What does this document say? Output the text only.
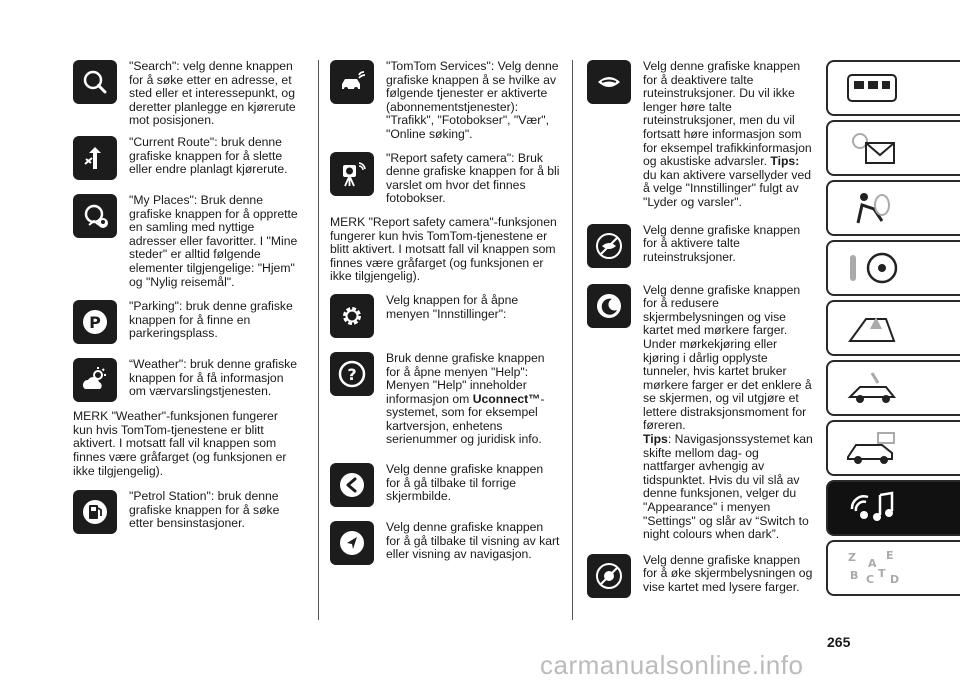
"Search": velg denne knappen for å søke etter en adresse, et sted eller et interessepunkt, og deretter planlegge en kjørerute mot posisjonen.
"Current Route": bruk denne grafiske knappen for å slette eller endre planlagt kjørerute.
"My Places": Bruk denne grafiske knappen for å opprette en samling med nyttige adresser eller favoritter. I "Mine steder" er alltid følgende elementer tilgjengelige: "Hjem" og "Nylig reisemål".
P
"Parking": bruk denne grafiske knappen for å finne en parkeringsplass.
“Weather": bruk denne grafiske knappen for å få informasjon om værvarslingstjenesten.
MERK "Weather"-funksjonen fungerer kun hvis TomTom-tjenestene er blitt aktivert. I motsatt fall vil knappen som finnes være gråfarget (og funksjonen er ikke tilgjengelig).
"Petrol Station": bruk denne grafiske knappen for å søke etter bensinstasjoner.
"TomTom Services": Velg denne grafiske knappen å se hvilke av følgende tjenester er aktiverte (abonnementstjenester): "Trafikk", "Fotobokser", "Vær", "Online søking".
"Report safety camera": Bruk denne grafiske knappen for å bli varslet om hvor det finnes fotobokser.
MERK "Report safety camera"-funksjonen fungerer kun hvis TomTom-tjenestene er blitt aktivert. I motsatt fall vil knappen som finnes være gråfarget (og funksjonen er ikke tilgjengelig).
Velg knappen for å åpne menyen "Innstillinger":
?
Bruk denne grafiske knappen for å åpne menyen "Help": Menyen "Help" inneholder informasjon om Uconnect™-systemet, som for eksempel kartversjon, enhetens serienummer og juridisk info.
Velg denne grafiske knappen for å gå tilbake til forrige skjermbilde.
Velg denne grafiske knappen for å gå tilbake til visning av kart eller visning av navigasjon.
Velg denne grafiske knappen for å deaktivere talte ruteinstruksjoner. Du vil ikke lenger høre talte ruteinstruksjoner, men du vil fortsatt høre informasjon som for eksempel trafikkinformasjon og akustiske advarsler. Tips: du kan aktivere varsellyder ved å velge "Innstillinger" fulgt av "Lyder og varsler".
Velg denne grafiske knappen for å aktivere talte ruteinstruksjoner.
Velg denne grafiske knappen for å redusere skjermbelysningen og vise kartet med mørkere farger.
Under mørkekjøring eller kjøring i dårlig opplyste tunneler, hvis kartet bruker mørkere farger er det enklere å se skjermen, og vil utgjøre et lettere distraksjonsmoment for føreren.
Tips: Navigasjonssystemet kan skifte mellom dag- og nattfarger avhengig av tidspunktet. Hvis du vil slå av denne funksjonen, velger du "Appearance" i menyen "Settings" og slår av “Switch to night colours when dark”.
Velg denne grafiske knappen for å øke skjermbelysningen og vise kartet med lysere farger.
Z	E
A
B C T D
265
carmanualsonline.info
